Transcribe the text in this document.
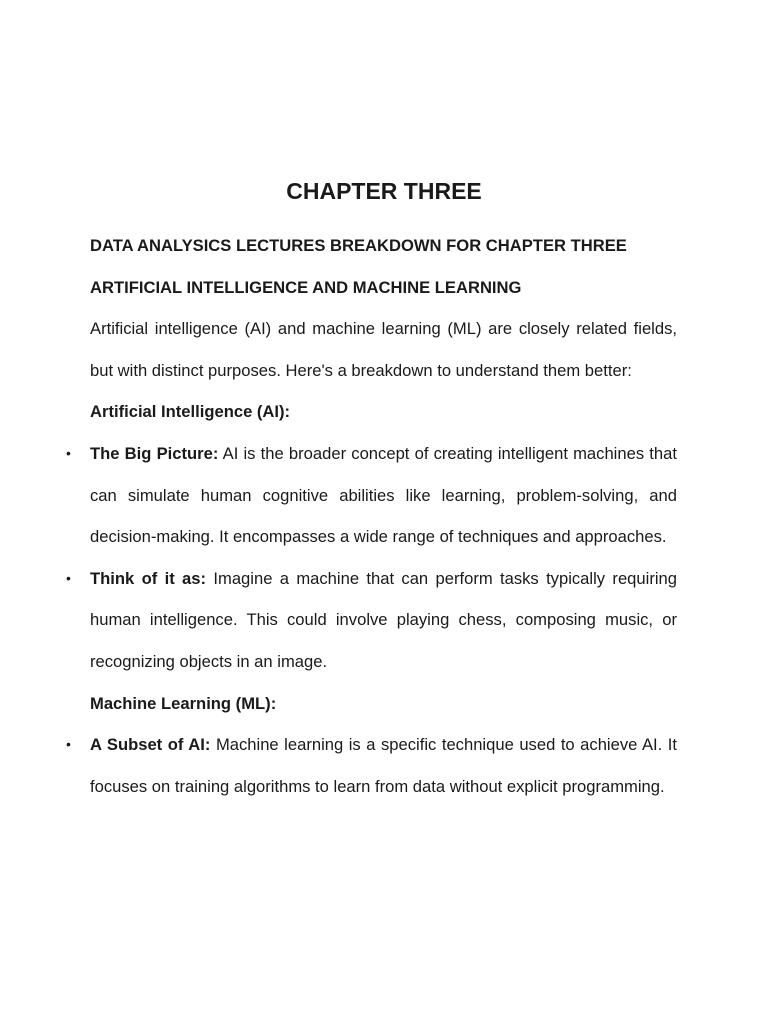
CHAPTER THREE

DATA ANALYSICS LECTURES BREAKDOWN FOR CHAPTER THREE

ARTIFICIAL INTELLIGENCE AND MACHINE LEARNING

Artificial intelligence (AI) and machine learning (ML) are closely related fields, but with distinct purposes. Here's a breakdown to understand them better:

Artificial Intelligence (AI):

• The Big Picture: AI is the broader concept of creating intelligent machines that can simulate human cognitive abilities like learning, problem-solving, and decision-making. It encompasses a wide range of techniques and approaches.

• Think of it as: Imagine a machine that can perform tasks typically requiring human intelligence. This could involve playing chess, composing music, or recognizing objects in an image.

Machine Learning (ML):

• A Subset of AI: Machine learning is a specific technique used to achieve AI. It focuses on training algorithms to learn from data without explicit programming.
